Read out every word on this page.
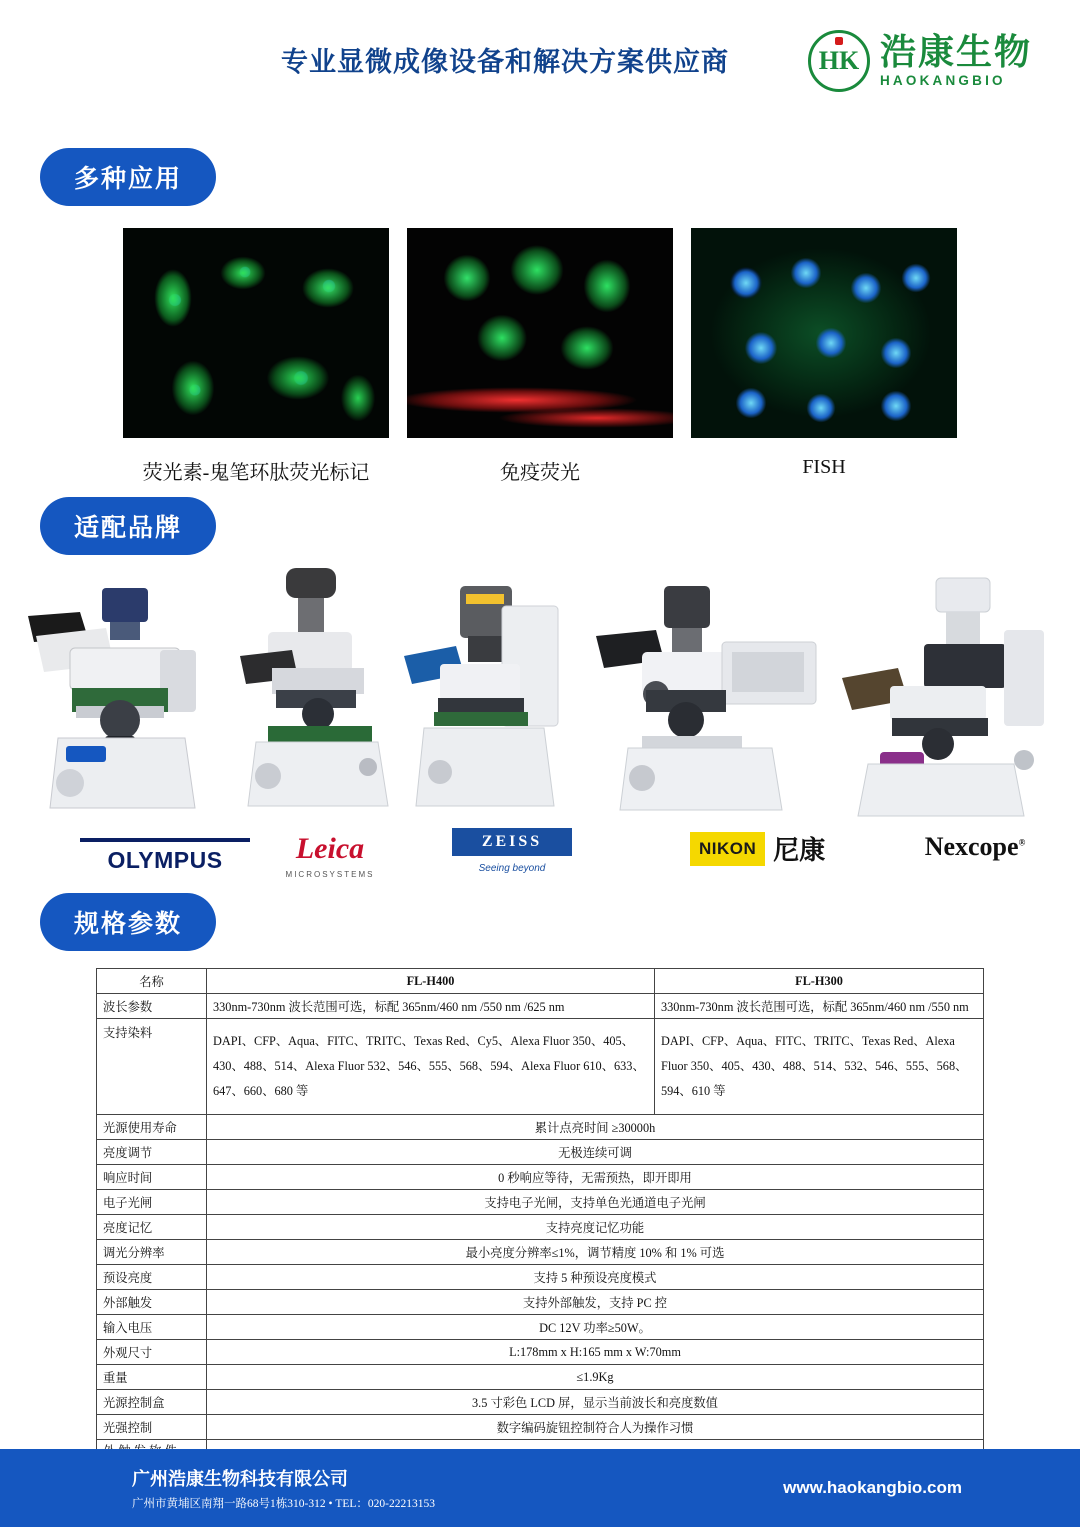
专业显微成像设备和解决方案供应商	HK 浩康生物
HAOKANGBIO
多种应用
荧光素-鬼笔环肽荧光标记	免疫荧光	FISH
适配品牌
OLYMPUS	Leica
MICROSYSTEMS
ZEISS
Seeing beyond
NIKON 尼康	Nexcope®
规格参数
名称	FL-H400	FL-H300
波长参数	330nm-730nm 波长范围可选，标配 365nm/460 nm /550 nm /625 nm	330nm-730nm 波长范围可选，标配 365nm/460 nm /550 nm
支持染料	DAPI、CFP、Aqua、FITC、TRITC、Texas Red、Cy5、Alexa Fluor 350、405、430、488、514、Alexa Fluor 532、546、555、568、594、Alexa Fluor 610、633、647、660、680 等	DAPI、CFP、Aqua、FITC、TRITC、Texas Red、Alexa Fluor 350、405、430、488、514、532、546、555、568、594、610 等
光源使用寿命	累计点亮时间 ≥30000h	
亮度调节	无极连续可调	
响应时间	0 秒响应等待，无需预热，即开即用	
电子光闸	支持电子光闸，支持单色光通道电子光闸	
亮度记忆	支持亮度记忆功能	
调光分辨率	最小亮度分辨率≤1%，调节精度 10% 和 1% 可选	
预设亮度	支持 5 种预设亮度模式	
外部触发	支持外部触发，支持 PC 控	
输入电压	DC 12V 功率≥50W。	
外观尺寸	L:178mm x H:165 mm x W:70mm	
重量	≤1.9Kg	
光源控制盒	3.5 寸彩色 LCD 屏，显示当前波长和亮度数值	
光强控制	数字编码旋钮控制符合人为操作习惯	

广州浩康生物科技有限公司
广州市黄埔区南翔一路68号1栋310-312 • TEL：020-22213153
www.haokangbio.com
